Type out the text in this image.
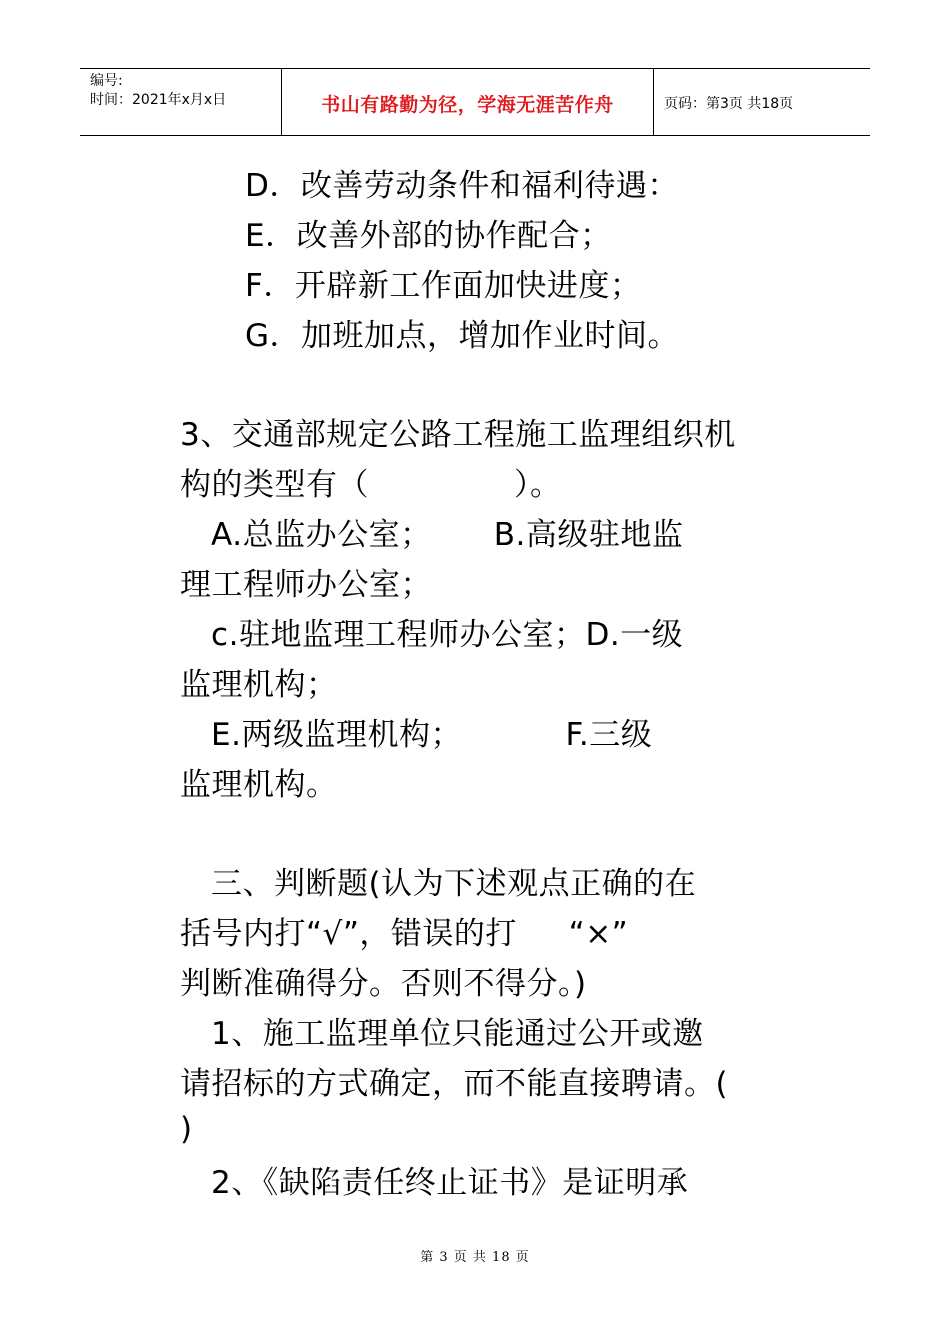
编号:
时间：2021年x月x日	书山有路勤为径，学海无涯苦作舟	页码：第3页 共18页
D．改善劳动条件和福利待遇：
E．改善外部的协作配合；
F．开辟新工作面加快进度；
G．加班加点，增加作业时间。
3、交通部规定公路工程施工监理组织机
构的类型有（              ）。
A.总监办公室；      B.高级驻地监
理工程师办公室；
c.驻地监理工程师办公室；D.一级
监理机构；
E.两级监理机构；          F.三级
监理机构。
三、判断题(认为下述观点正确的在
括号内打“√”，错误的打     “×”
判断准确得分。否则不得分。)
1、施工监理单位只能通过公开或邀
请招标的方式确定，而不能直接聘请。(
)
2、《缺陷责任终止证书》是证明承
第 3 页 共 18 页
